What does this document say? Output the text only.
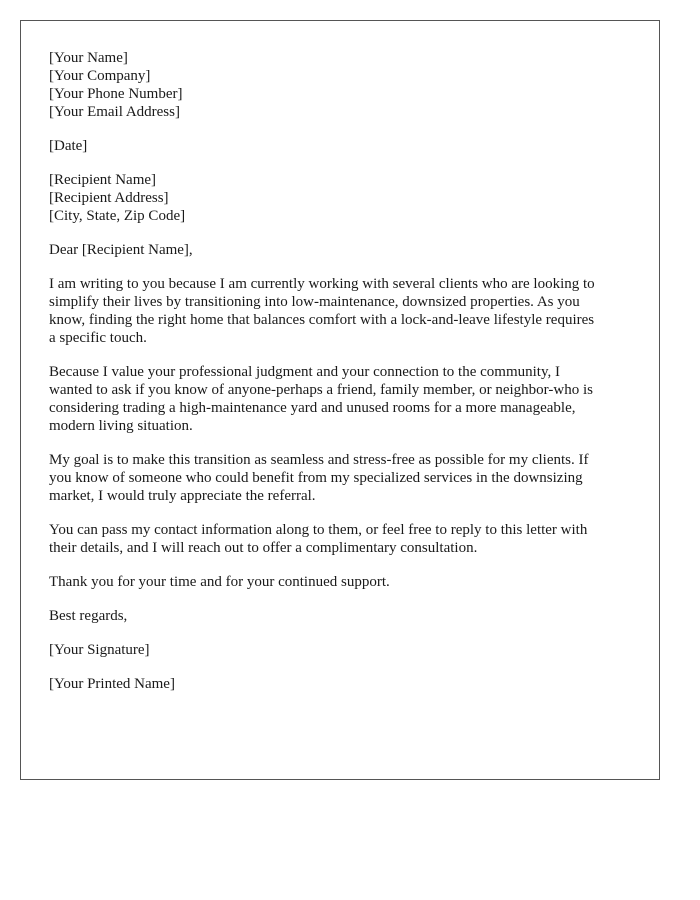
[Your Name]
[Your Company]
[Your Phone Number]
[Your Email Address]
[Date]
[Recipient Name]
[Recipient Address]
[City, State, Zip Code]
Dear [Recipient Name],
I am writing to you because I am currently working with several clients who are looking to
simplify their lives by transitioning into low-maintenance, downsized properties. As you
know, finding the right home that balances comfort with a lock-and-leave lifestyle requires
a specific touch.
Because I value your professional judgment and your connection to the community, I
wanted to ask if you know of anyone-perhaps a friend, family member, or neighbor-who is
considering trading a high-maintenance yard and unused rooms for a more manageable,
modern living situation.
My goal is to make this transition as seamless and stress-free as possible for my clients. If
you know of someone who could benefit from my specialized services in the downsizing
market, I would truly appreciate the referral.
You can pass my contact information along to them, or feel free to reply to this letter with
their details, and I will reach out to offer a complimentary consultation.
Thank you for your time and for your continued support.
Best regards,
[Your Signature]
[Your Printed Name]
